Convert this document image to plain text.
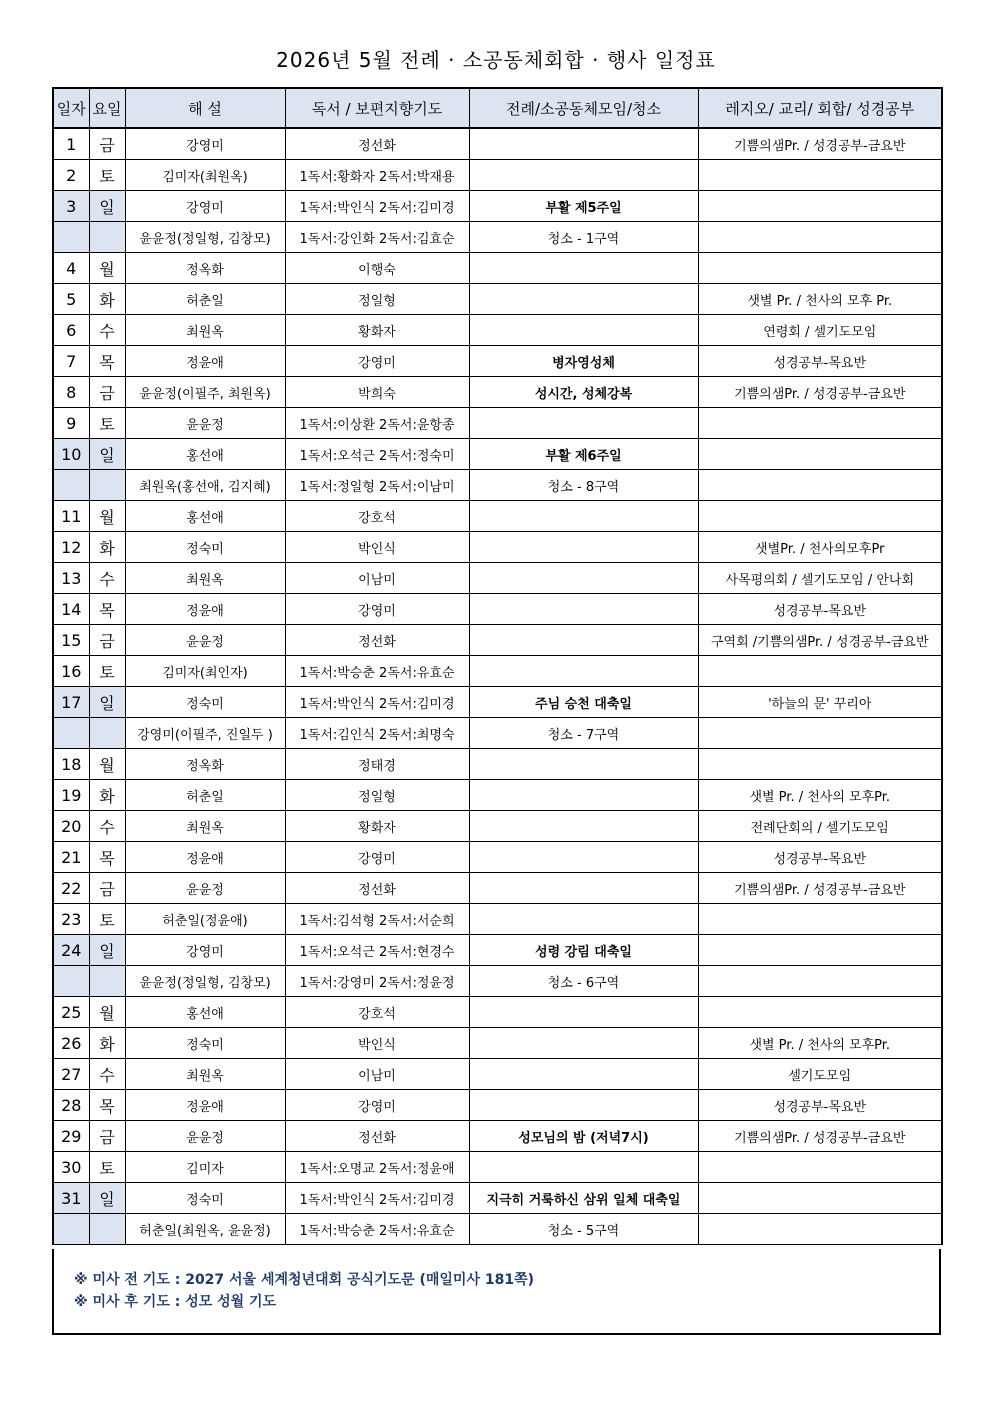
2026년 5월 전례 · 소공동체회합 · 행사 일정표
일자	요일	해 설	독서 / 보편지향기도	전례/소공동체모임/청소	레지오/ 교리/ 회합/ 성경공부
1	금	강영미	정선화		기쁨의샘Pr. / 성경공부-금요반
2	토	김미자(최원옥)	1독서:황화자 2독서:박재용		
3	일	강영미	1독서:박인식 2독서:김미경	부활 제5주일	
		윤윤정(정일형, 김창모)	1독서:강인화 2독서:김효순	청소 - 1구역	
4	월	정옥화	이행숙		
5	화	허춘일	정일형		샛별 Pr. / 천사의 모후 Pr.
6	수	최원옥	황화자		연령회 / 셀기도모임
7	목	정윤애	강영미	병자영성체	성경공부-목요반
8	금	윤윤정(이필주, 최원옥)	박희숙	성시간, 성체강복	기쁨의샘Pr. / 성경공부-금요반
9	토	윤윤정	1독서:이상환 2독서:윤항종		
10	일	홍선애	1독서:오석근 2독서:정숙미	부활 제6주일	
		최원옥(홍선애, 김지혜)	1독서:정일형 2독서:이남미	청소 - 8구역	
11	월	홍선애	강호석		
12	화	정숙미	박인식		샛별Pr. / 천사의모후Pr
13	수	최원옥	이남미		사목평의회 / 셀기도모임 / 안나회
14	목	정윤애	강영미		성경공부-목요반
15	금	윤윤정	정선화		구역회 /기쁨의샘Pr. / 성경공부-금요반
16	토	김미자(최인자)	1독서:박승춘 2독서:유효순		
17	일	정숙미	1독서:박인식 2독서:김미경	주님 승천 대축일	'하늘의 문' 꾸리아
		강영미(이필주, 진일두 )	1독서:김인식 2독서:최명숙	청소 - 7구역	
18	월	정옥화	정태경		
19	화	허춘일	정일형		샛별 Pr. / 천사의 모후Pr.
20	수	최원옥	황화자		전례단회의 / 셀기도모임
21	목	정윤애	강영미		성경공부-목요반
22	금	윤윤정	정선화		기쁨의샘Pr. / 성경공부-금요반
23	토	허춘일(정윤애)	1독서:김석형 2독서:서순희		
24	일	강영미	1독서:오석근 2독서:현경수	성령 강림 대축일	
		윤윤정(정일형, 김창모)	1독서:강영미 2독서:정윤정	청소 - 6구역	
25	월	홍선애	강호석		
26	화	정숙미	박인식		샛별 Pr. / 천사의 모후Pr.
27	수	최원옥	이남미		셀기도모임
28	목	정윤애	강영미		성경공부-목요반
29	금	윤윤정	정선화	성모님의 밤 (저녁7시)	기쁨의샘Pr. / 성경공부-금요반
30	토	김미자	1독서:오명교 2독서:정윤애		
31	일	정숙미	1독서:박인식 2독서:김미경	지극히 거룩하신 삼위 일체 대축일	
		허춘일(최원옥, 윤윤정)	1독서:박승춘 2독서:유효순	청소 - 5구역	
※ 미사 전 기도 : 2027 서울 세계청년대회 공식기도문 (매일미사 181쪽)
※ 미사 후 기도 : 성모 성월 기도
